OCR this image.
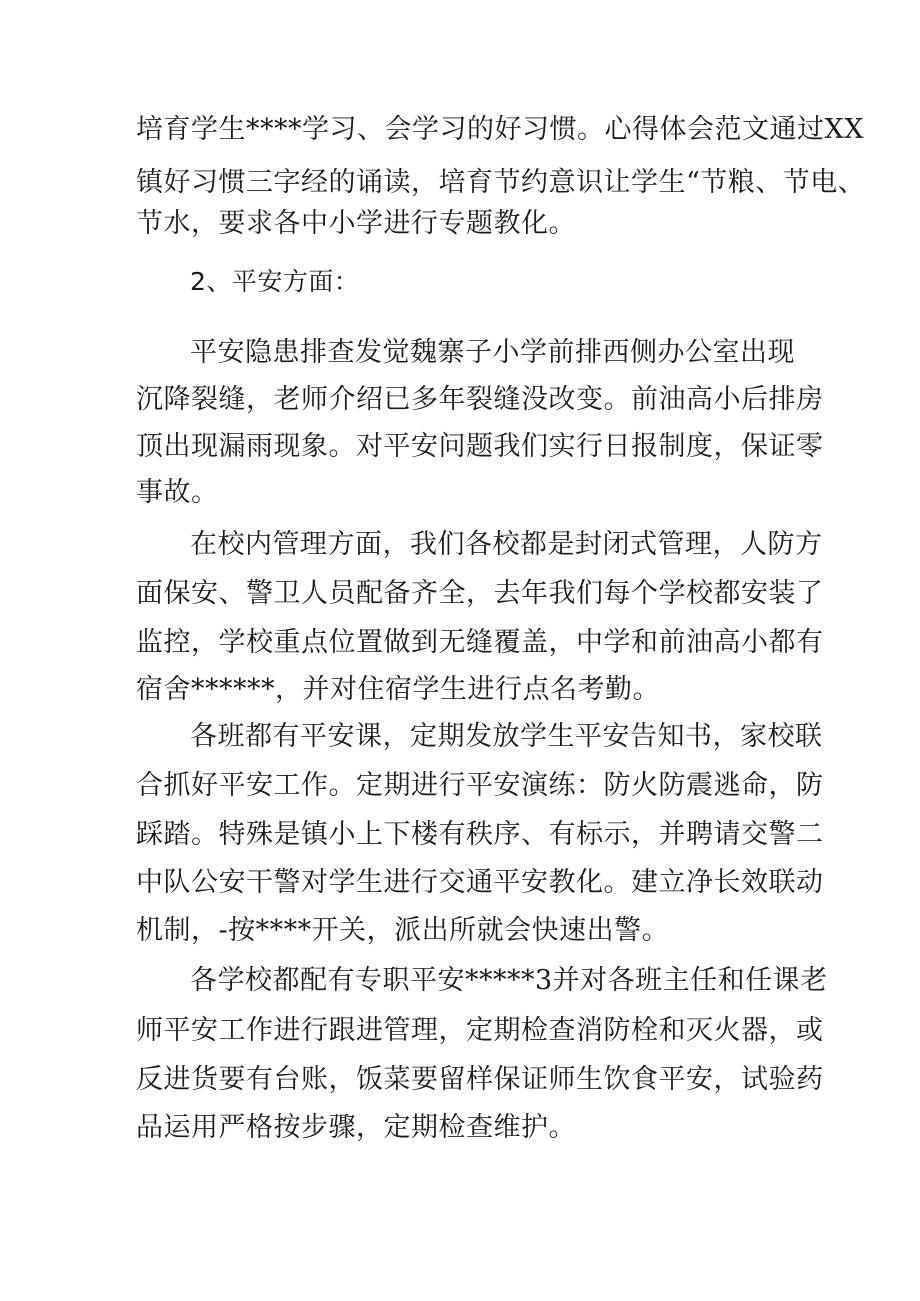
培育学生****学习、会学习的好习惯。心得体会范文通过XX

镇好习惯三字经的诵读，培育节约意识让学生“节粮、节电、

节水，要求各中小学进行专题教化。

2、平安方面：

平安隐患排查发觉魏寨子小学前排西侧办公室出现

沉降裂缝，老师介绍已多年裂缝没改变。前油高小后排房

顶出现漏雨现象。对平安问题我们实行日报制度，保证零

事故。

在校内管理方面，我们各校都是封闭式管理，人防方

面保安、警卫人员配备齐全，去年我们每个学校都安装了

监控，学校重点位置做到无缝覆盖，中学和前油高小都有

宿舍******，并对住宿学生进行点名考勤。

各班都有平安课，定期发放学生平安告知书，家校联

合抓好平安工作。定期进行平安演练：防火防震逃命，防

踩踏。特殊是镇小上下楼有秩序、有标示，并聘请交警二

中队公安干警对学生进行交通平安教化。建立净长效联动

机制，-按****开关，派出所就会快速出警。

各学校都配有专职平安*****3并对各班主任和任课老

师平安工作进行跟进管理，定期检查消防栓和灭火器，或

反进货要有台账，饭菜要留样保证师生饮食平安，试验药

品运用严格按步骤，定期检查维护。
